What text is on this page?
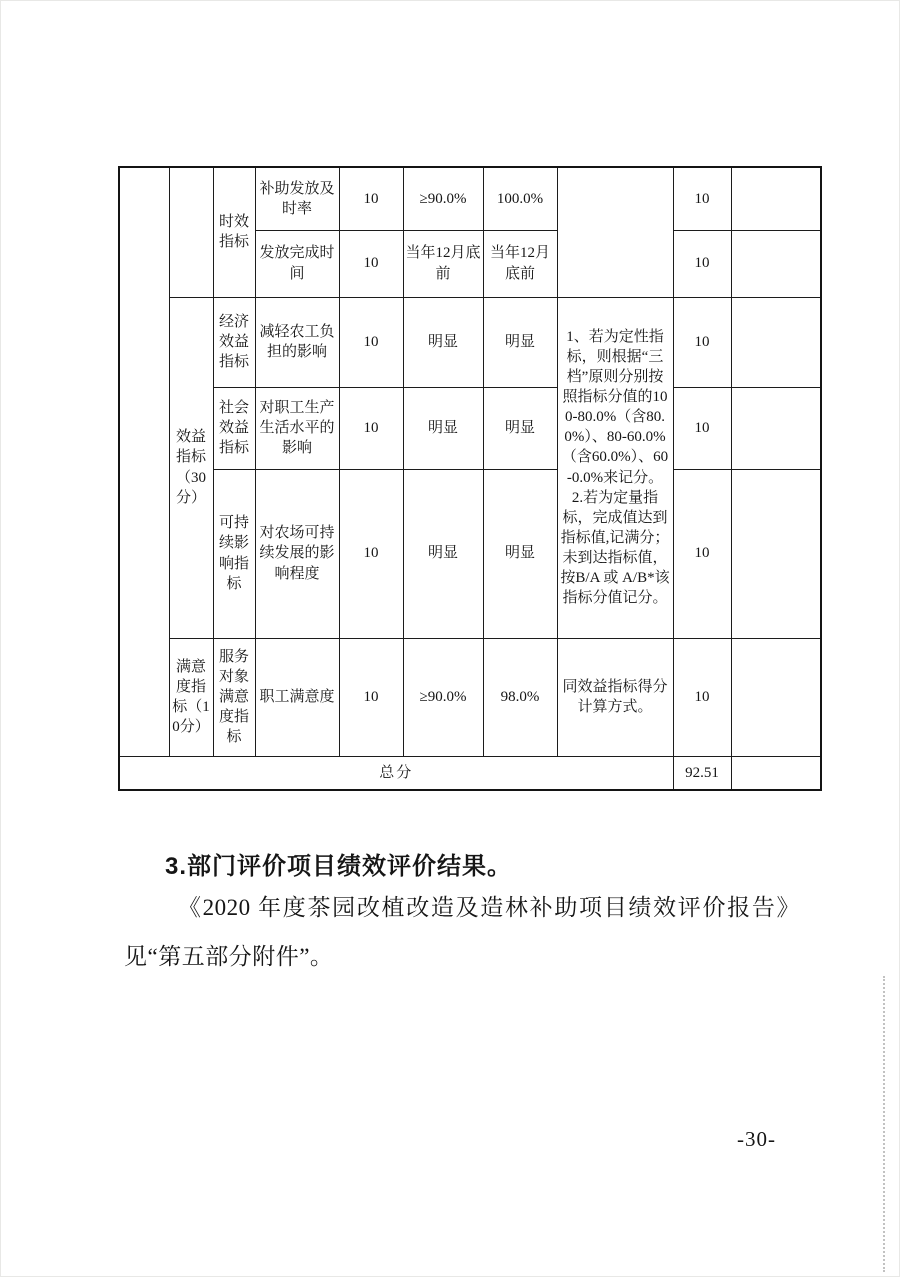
		时效指标	补助发放及时率	10	≥90.0%	100.0%		10	
			发放完成时间	10	当年12月底前	当年12月底前		10	
	效益指标（30分）	经济效益指标	减轻农工负担的影响	10	明显	明显	1、若为定性指标，则根据“三档”原则分别按照指标分值的100-80.0%（含80.0%）、80-60.0%（含60.0%）、60-0.0%来记分。
2.若为定量指标，完成值达到指标值,记满分；未到达指标值，按B/A 或 A/B*该指标分值记分。	10	
		社会效益指标	对职工生产生活水平的影响	10	明显	明显		10	
		可持续影响指标	对农场可持续发展的影响程度	10	明显	明显		10	
	满意度指标（10分）	服务对象满意度指标	职工满意度	10	≥90.0%	98.0%	同效益指标得分计算方式。	10	
总分								92.51	
3.部门评价项目绩效评价结果。
《2020 年度茶园改植改造及造林补助项目绩效评价报告》见“第五部分附件”。
-30-
